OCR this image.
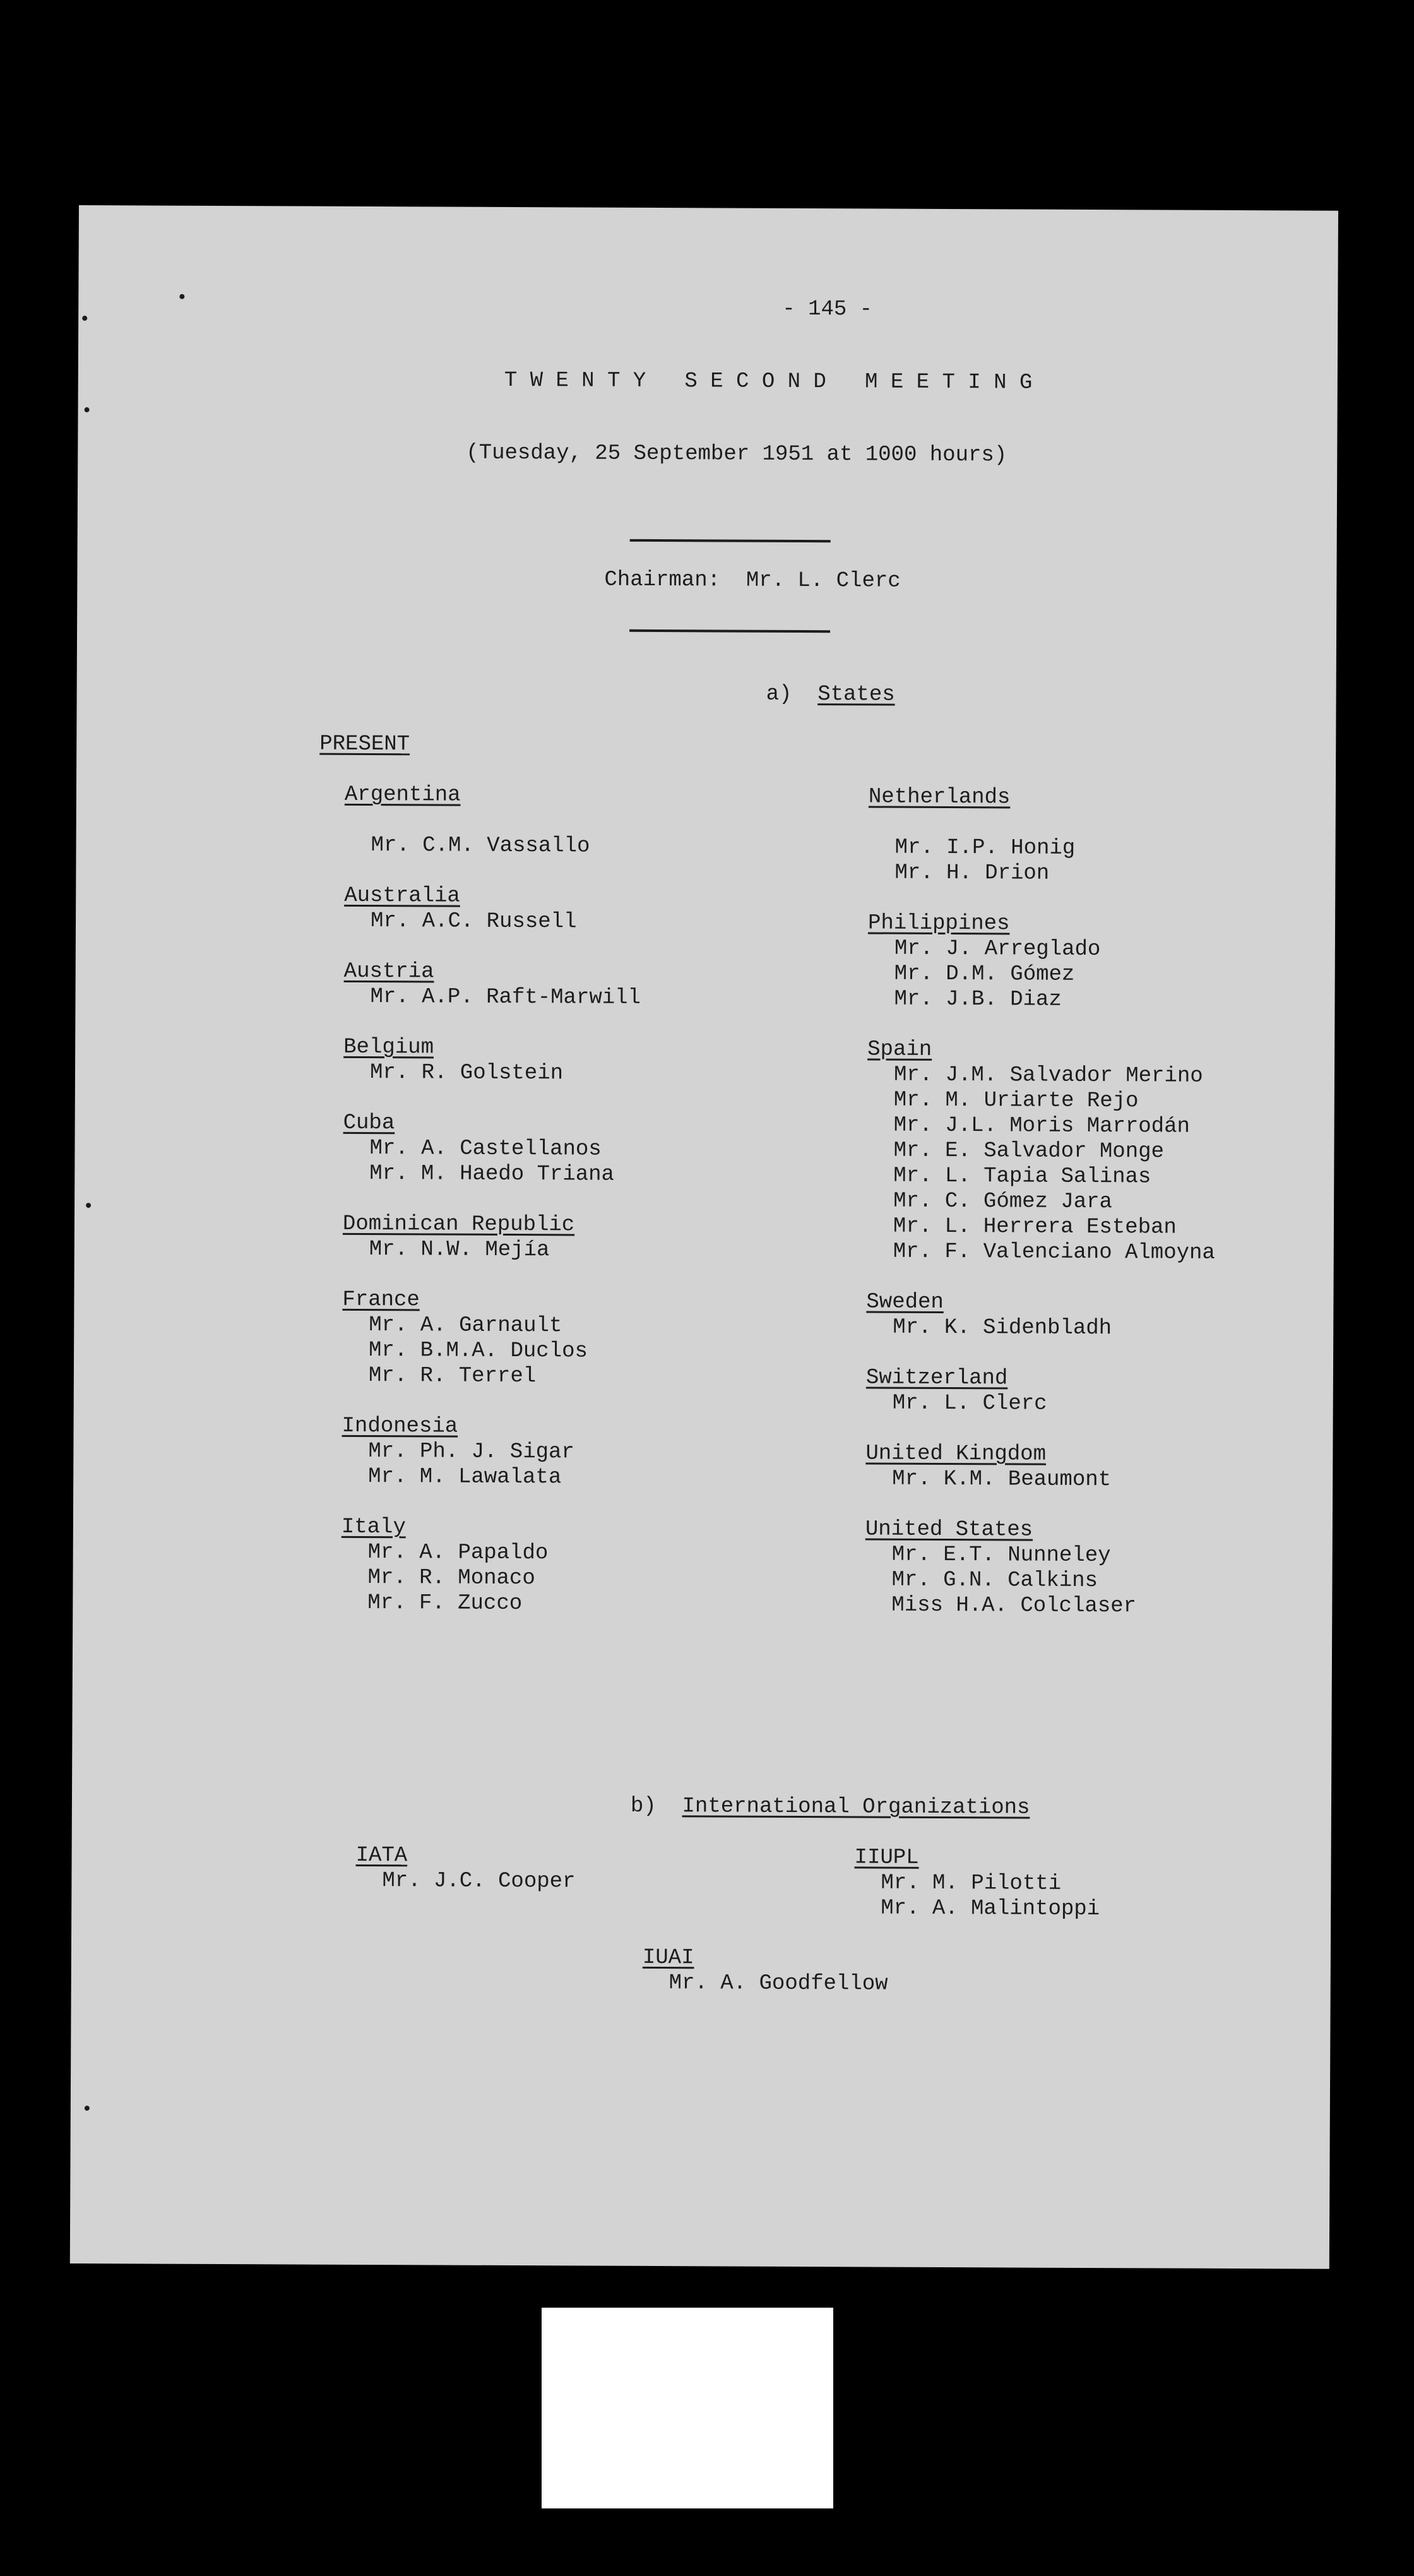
- 145 -
T W E N T Y   S E C O N D   M E E T I N G
(Tuesday, 25 September 1951 at 1000 hours)
Chairman:  Mr. L. Clerc
a) States
PRESENT
Argentina
Mr. C.M. Vassallo
Australia
Mr. A.C. Russell
Austria
Mr. A.P. Raft-Marwill
Belgium
Mr. R. Golstein
Cuba
Mr. A. Castellanos
Mr. M. Haedo Triana
Dominican Republic
Mr. N.W. Mejía
France
Mr. A. Garnault
Mr. B.M.A. Duclos
Mr. R. Terrel
Indonesia
Mr. Ph. J. Sigar
Mr. M. Lawalata
Italy
Mr. A. Papaldo
Mr. R. Monaco
Mr. F. Zucco
Netherlands
Mr. I.P. Honig
Mr. H. Drion
Philippines
Mr. J. Arreglado
Mr. D.M. Gómez
Mr. J.B. Diaz
Spain
Mr. J.M. Salvador Merino
Mr. M. Uriarte Rejo
Mr. J.L. Moris Marrodán
Mr. E. Salvador Monge
Mr. L. Tapia Salinas
Mr. C. Gómez Jara
Mr. L. Herrera Esteban
Mr. F. Valenciano Almoyna
Sweden
Mr. K. Sidenbladh
Switzerland
Mr. L. Clerc
United Kingdom
Mr. K.M. Beaumont
United States
Mr. E.T. Nunneley
Mr. G.N. Calkins
Miss H.A. Colclaser
b) International Organizations
IATA
Mr. J.C. Cooper
IIUPL
Mr. M. Pilotti
Mr. A. Malintoppi
IUAI
Mr. A. Goodfellow
